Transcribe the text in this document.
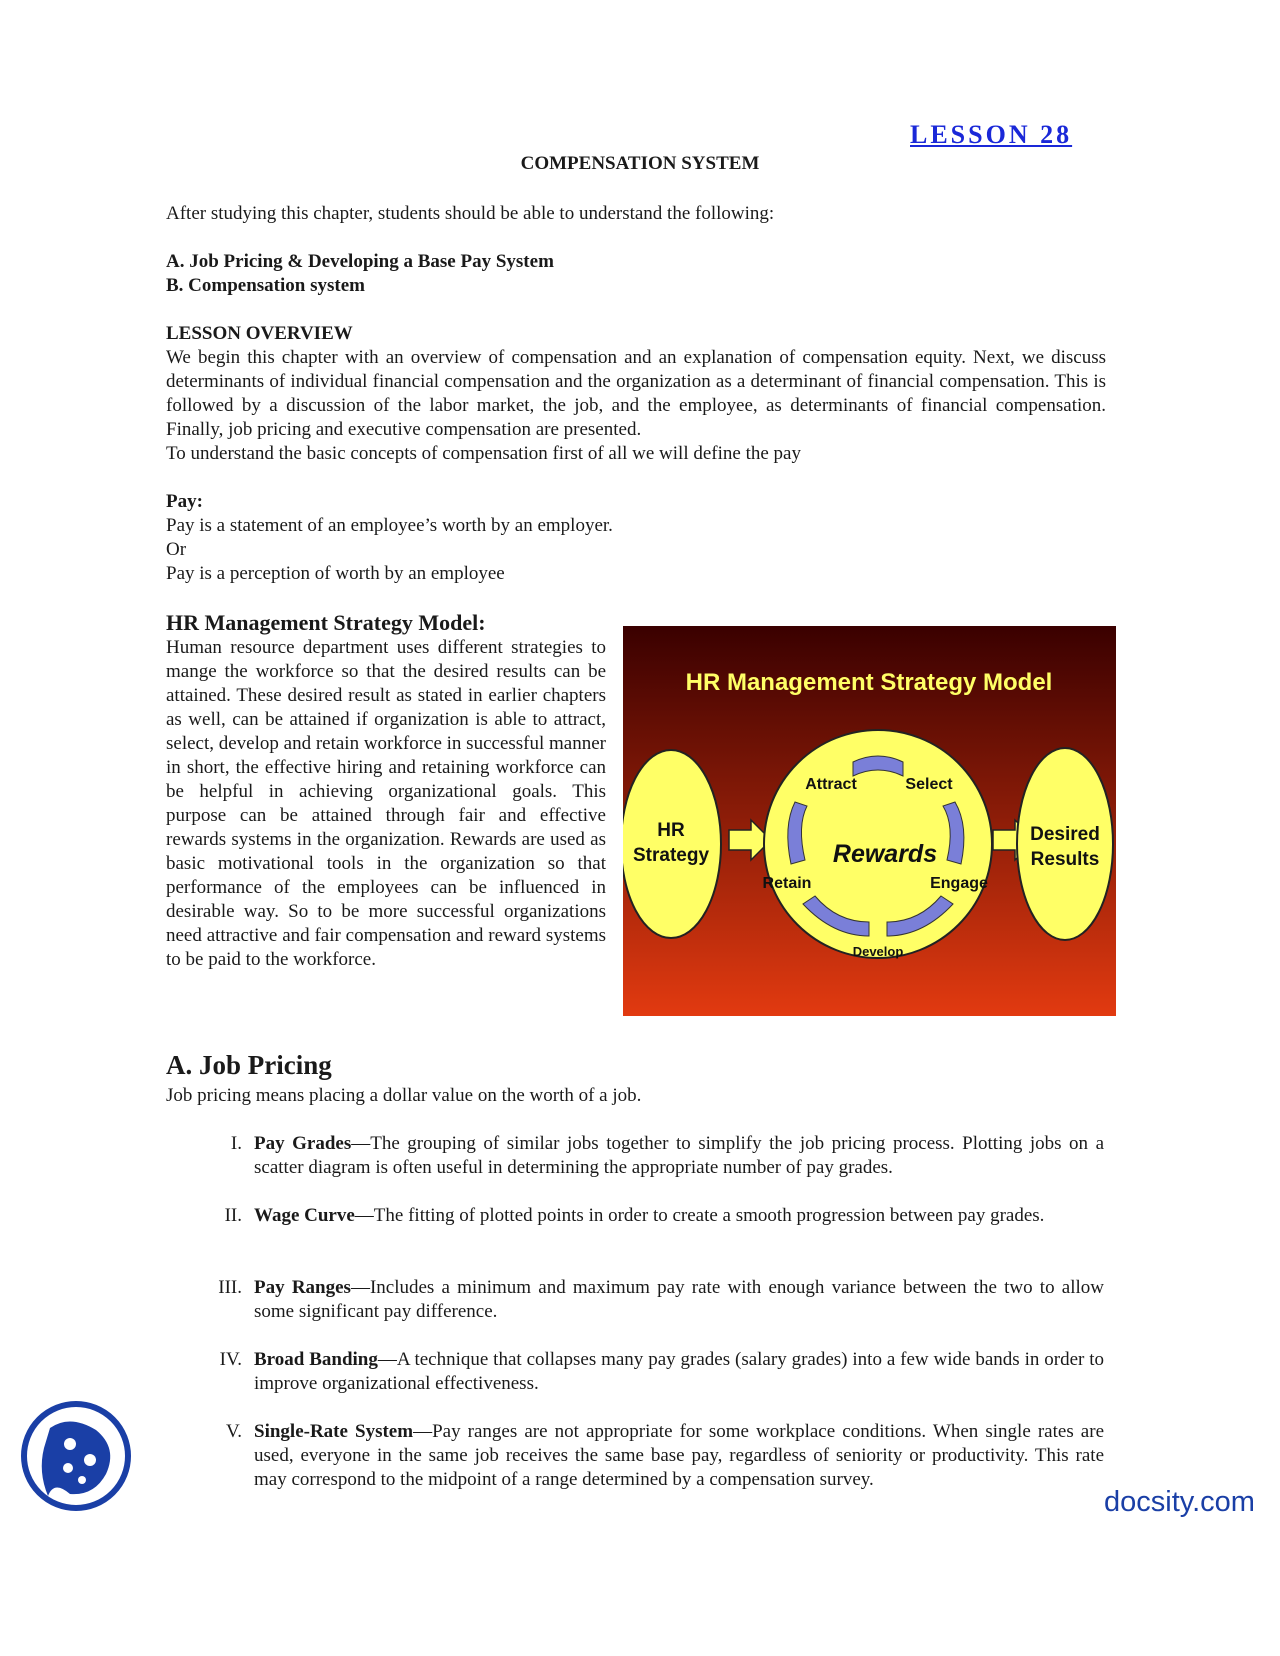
LESSON 28
COMPENSATION SYSTEM
After studying this chapter, students should be able to understand the following:
A. Job Pricing & Developing a Base Pay System
B. Compensation system
LESSON OVERVIEW
We begin this chapter with an overview of compensation and an explanation of compensation equity. Next, we discuss determinants of individual financial compensation and the organization as a determinant of financial compensation. This is followed by a discussion of the labor market, the job, and the employee, as determinants of financial compensation. Finally, job pricing and executive compensation are presented.
To understand the basic concepts of compensation first of all we will define the pay
Pay:
Pay is a statement of an employee’s worth by an employer.
Or
Pay is a perception of worth by an employee
HR Management Strategy Model:
Human resource department uses different strategies to mange the workforce so that the desired results can be attained. These desired result as stated in earlier chapters as well, can be attained if organization is able to attract, select, develop and retain workforce in successful manner in short, the effective hiring and retaining workforce can be helpful in achieving organizational goals. This purpose can be attained through fair and effective rewards systems in the organization. Rewards are used as basic motivational tools in the organization so that performance of the employees can be influenced in desirable way. So to be more successful organizations need attractive and fair compensation and reward systems to be paid to the workforce.
HR Management Strategy Model
HR
Strategy
Attract	Select
Rewards
Retain	Engage
Develop
Desired
Results
A. Job Pricing
Job pricing means placing a dollar value on the worth of a job.
I. Pay Grades—The grouping of similar jobs together to simplify the job pricing process. Plotting jobs on a scatter diagram is often useful in determining the appropriate number of pay grades.
II. Wage Curve—The fitting of plotted points in order to create a smooth progression between pay grades.
III. Pay Ranges—Includes a minimum and maximum pay rate with enough variance between the two to allow some significant pay difference.
IV. Broad Banding—A technique that collapses many pay grades (salary grades) into a few wide bands in order to improve organizational effectiveness.
V. Single-Rate System—Pay ranges are not appropriate for some workplace conditions. When single rates are used, everyone in the same job receives the same base pay, regardless of seniority or productivity. This rate may correspond to the midpoint of a range determined by a compensation survey.
docsity.com
